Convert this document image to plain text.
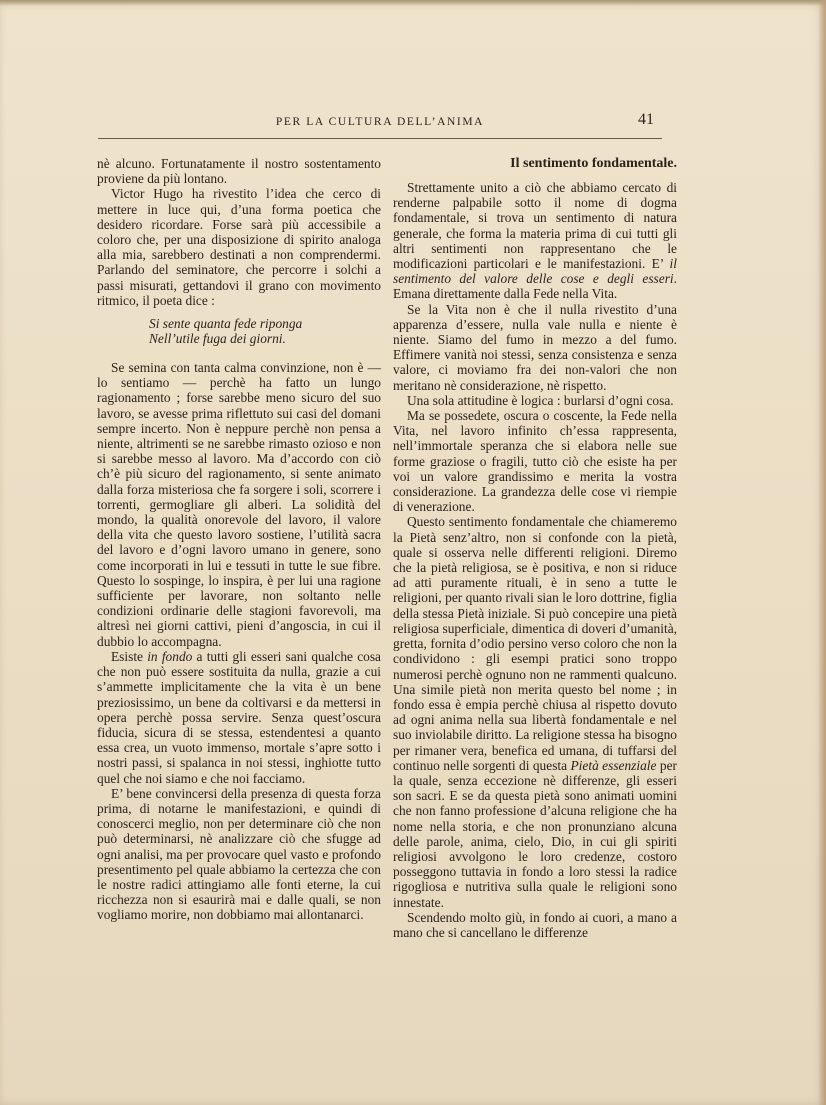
PER LA CULTURA DELL’ANIMA	41

nè alcuno. Fortunatamente il nostro sostentamento proviene da più lontano.

Victor Hugo ha rivestito l’idea che cerco di mettere in luce qui, d’una forma poetica che desidero ricordare. Forse sarà più accessibile a coloro che, per una disposizione di spirito analoga alla mia, sarebbero destinati a non comprendermi. Parlando del seminatore, che percorre i solchi a passi misurati, gettandovi il grano con movimento ritmico, il poeta dice :

Si sente quanta fede riponga
Nell’utile fuga dei giorni.

Se semina con tanta calma convinzione, non è — lo sentiamo — perchè ha fatto un lungo ragionamento ; forse sarebbe meno sicuro del suo lavoro, se avesse prima riflettuto sui casi del domani sempre incerto. Non è neppure perchè non pensa a niente, altrimenti se ne sarebbe rimasto ozioso e non si sarebbe messo al lavoro. Ma d’accordo con ciò ch’è più sicuro del ragionamento, si sente animato dalla forza misteriosa che fa sorgere i soli, scorrere i torrenti, germogliare gli alberi. La solidità del mondo, la qualità onorevole del lavoro, il valore della vita che questo lavoro sostiene, l’utilità sacra del lavoro e d’ogni lavoro umano in genere, sono come incorporati in lui e tessuti in tutte le sue fibre. Questo lo sospinge, lo inspira, è per lui una ragione sufficiente per lavorare, non soltanto nelle condizioni ordinarie delle stagioni favorevoli, ma altresì nei giorni cattivi, pieni d’angoscia, in cui il dubbio lo accompagna.

Esiste in fondo a tutti gli esseri sani qualche cosa che non può essere sostituita da nulla, grazie a cui s’ammette implicitamente che la vita è un bene preziosissimo, un bene da coltivarsi e da mettersi in opera perchè possa servire. Senza quest’oscura fiducia, sicura di se stessa, estendentesi a quanto essa crea, un vuoto immenso, mortale s’apre sotto i nostri passi, si spalanca in noi stessi, inghiotte tutto quel che noi siamo e che noi facciamo.

E’ bene convincersi della presenza di questa forza prima, di notarne le manifestazioni, e quindi di conoscerci meglio, non per determinare ciò che non può determinarsi, nè analizzare ciò che sfugge ad ogni analisi, ma per provocare quel vasto e profondo presentimento pel quale abbiamo la certezza che con le nostre radici attingiamo alle fonti eterne, la cui ricchezza non si esaurirà mai e dalle quali, se non vogliamo morire, non dobbiamo mai allontanarci.

Il sentimento fondamentale.

Strettamente unito a ciò che abbiamo cercato di renderne palpabile sotto il nome di dogma fondamentale, si trova un sentimento di natura generale, che forma la materia prima di cui tutti gli altri sentimenti non rappresentano che le modificazioni particolari e le manifestazioni. E’ il sentimento del valore delle cose e degli esseri. Emana direttamente dalla Fede nella Vita.

Se la Vita non è che il nulla rivestito d’una apparenza d’essere, nulla vale nulla e niente è niente. Siamo del fumo in mezzo a del fumo. Effimere vanità noi stessi, senza consistenza e senza valore, ci moviamo fra dei non-valori che non meritano nè considerazione, nè rispetto.

Una sola attitudine è logica : burlarsi d’ogni cosa.

Ma se possedete, oscura o coscente, la Fede nella Vita, nel lavoro infinito ch’essa rappresenta, nell’immortale speranza che si elabora nelle sue forme graziose o fragili, tutto ciò che esiste ha per voi un valore grandissimo e merita la vostra considerazione. La grandezza delle cose vi riempie di venerazione.

Questo sentimento fondamentale che chiameremo la Pietà senz’altro, non si confonde con la pietà, quale si osserva nelle differenti religioni. Diremo che la pietà religiosa, se è positiva, e non si riduce ad atti puramente rituali, è in seno a tutte le religioni, per quanto rivali sian le loro dottrine, figlia della stessa Pietà iniziale. Si può concepire una pietà religiosa superficiale, dimentica di doveri d’umanità, gretta, fornita d’odio persino verso coloro che non la condividono : gli esempi pratici sono troppo numerosi perchè ognuno non ne rammenti qualcuno. Una simile pietà non merita questo bel nome ; in fondo essa è empia perchè chiusa al rispetto dovuto ad ogni anima nella sua libertà fondamentale e nel suo inviolabile diritto. La religione stessa ha bisogno per rimaner vera, benefica ed umana, di tuffarsi del continuo nelle sorgenti di questa Pietà essenziale per la quale, senza eccezione nè differenze, gli esseri son sacri. E se da questa pietà sono animati uomini che non fanno professione d’alcuna religione che ha nome nella storia, e che non pronunziano alcuna delle parole, anima, cielo, Dio, in cui gli spiriti religiosi avvolgono le loro credenze, costoro posseggono tuttavia in fondo a loro stessi la radice rigogliosa e nutritiva sulla quale le religioni sono innestate.

Scendendo molto giù, in fondo ai cuori, a mano a mano che si cancellano le differenze
